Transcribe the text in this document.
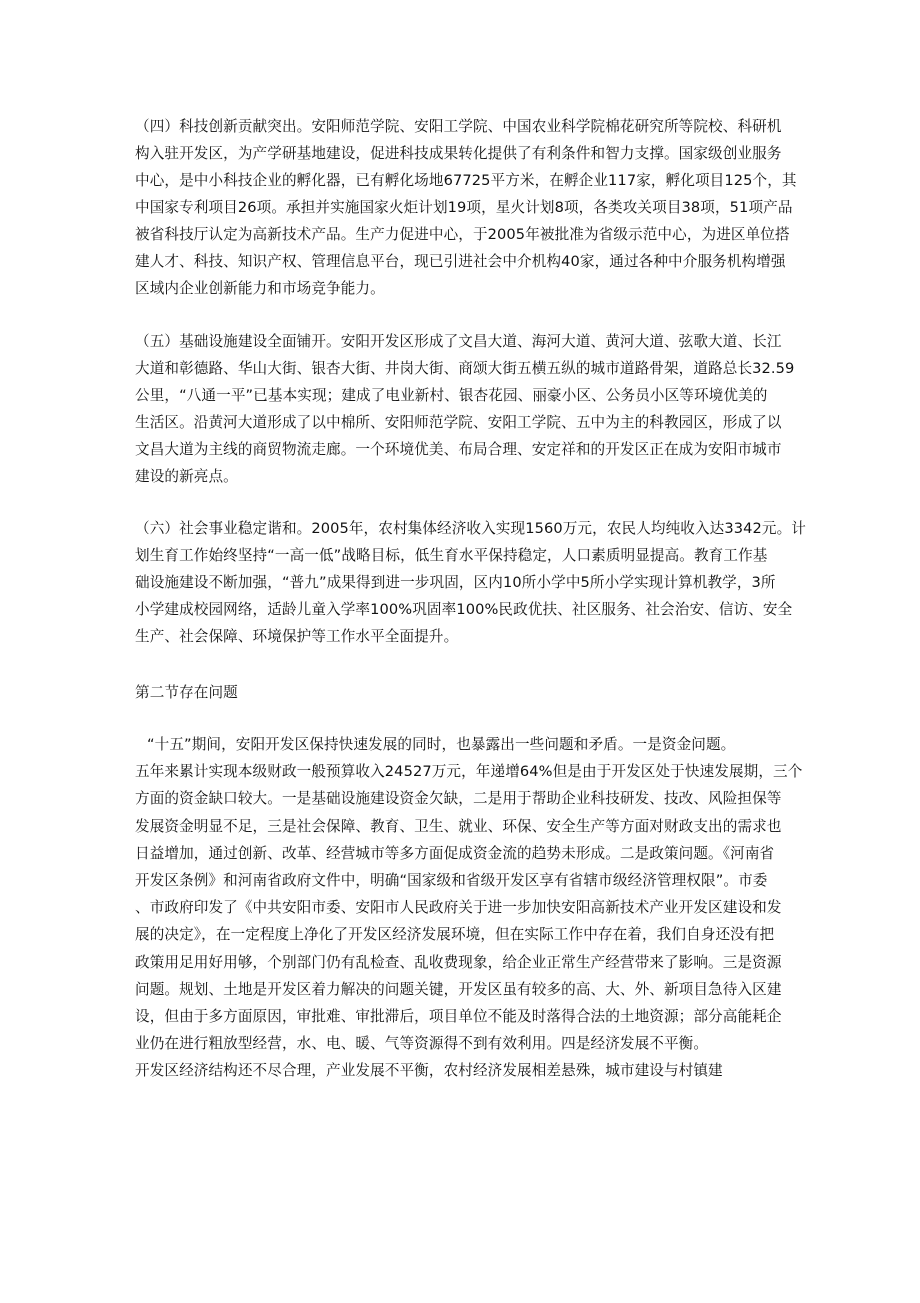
（四）科技创新贡献突出。安阳师范学院、安阳工学院、中国农业科学院棉花研究所等院校、科研机
构入驻开发区，为产学研基地建设，促进科技成果转化提供了有利条件和智力支撑。国家级创业服务
中心，是中小科技企业的孵化器，已有孵化场地67725平方米，在孵企业117家，孵化项目125个，其
中国家专利项目26项。承担并实施国家火炬计划19项，星火计划8项，各类攻关项目38项，51项产品
被省科技厅认定为高新技术产品。生产力促进中心，于2005年被批准为省级示范中心，为进区单位搭
建人才、科技、知识产权、管理信息平台，现已引进社会中介机构40家，通过各种中介服务机构增强
区域内企业创新能力和市场竞争能力。
（五）基础设施建设全面铺开。安阳开发区形成了文昌大道、海河大道、黄河大道、弦歌大道、长江
大道和彰德路、华山大街、银杏大街、井岗大街、商颂大街五横五纵的城市道路骨架，道路总长32.59
公里，“八通一平”已基本实现；建成了电业新村、银杏花园、丽豪小区、公务员小区等环境优美的
生活区。沿黄河大道形成了以中棉所、安阳师范学院、安阳工学院、五中为主的科教园区，形成了以
文昌大道为主线的商贸物流走廊。一个环境优美、布局合理、安定祥和的开发区正在成为安阳市城市
建设的新亮点。
（六）社会事业稳定谐和。2005年，农村集体经济收入实现1560万元，农民人均纯收入达3342元。计
划生育工作始终坚持“一高一低”战略目标，低生育水平保持稳定，人口素质明显提高。教育工作基
础设施建设不断加强，“普九”成果得到进一步巩固，区内10所小学中5所小学实现计算机教学，3所
小学建成校园网络，适龄儿童入学率100%巩固率100%民政优扶、社区服务、社会治安、信访、安全
生产、社会保障、环境保护等工作水平全面提升。
第二节存在问题
“十五”期间，安阳开发区保持快速发展的同时，也暴露出一些问题和矛盾。一是资金问题。
五年来累计实现本级财政一般预算收入24527万元，年递增64%但是由于开发区处于快速发展期，三个
方面的资金缺口较大。一是基础设施建设资金欠缺，二是用于帮助企业科技研发、技改、风险担保等
发展资金明显不足，三是社会保障、教育、卫生、就业、环保、安全生产等方面对财政支出的需求也
日益增加，通过创新、改革、经营城市等多方面促成资金流的趋势未形成。二是政策问题。《河南省
开发区条例》和河南省政府文件中，明确“国家级和省级开发区享有省辖市级经济管理权限”。市委
、市政府印发了《中共安阳市委、安阳市人民政府关于进一步加快安阳高新技术产业开发区建设和发
展的决定》，在一定程度上净化了开发区经济发展环境，但在实际工作中存在着，我们自身还没有把
政策用足用好用够，个别部门仍有乱检查、乱收费现象，给企业正常生产经营带来了影响。三是资源
问题。规划、土地是开发区着力解决的问题关键，开发区虽有较多的高、大、外、新项目急待入区建
设，但由于多方面原因，审批难、审批滞后，项目单位不能及时落得合法的土地资源；部分高能耗企
业仍在进行粗放型经营，水、电、暖、气等资源得不到有效利用。四是经济发展不平衡。
开发区经济结构还不尽合理，产业发展不平衡，农村经济发展相差悬殊，城市建设与村镇建
